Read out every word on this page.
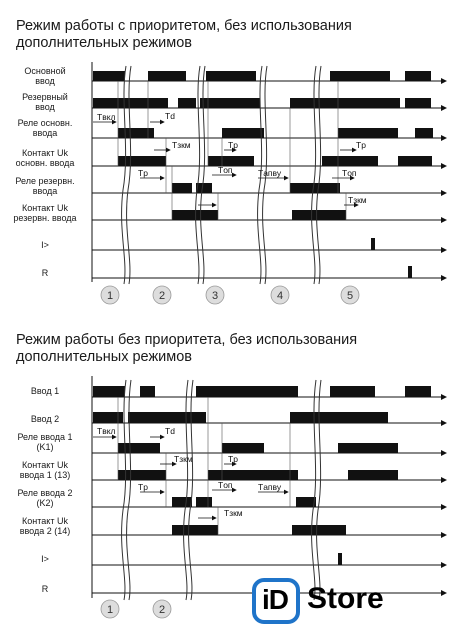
Режим работы с приоритетом, без использования дополнительных режимов
Режим работы без приоритета, без использования дополнительных режимов
Основной
ввод
Резервный
ввод
Реле основн.
ввода
Контакт Uk
основн. ввода
Реле резервн.
ввода
Контакт Uk
резервн. ввода
I>
R
Ввод 1
Ввод 2
Реле ввода 1
(K1)
Контакт Uk
ввода 1 (13)
Реле ввода 2
(K2)
Контакт Uk
ввода 2 (14)
I>
R
Tвкл	Td
Tзкм	Tр
Tр	Tоп	Tапву
Tр
Tоп
Tзкм
1	2	3	4	5
Tвкл	Td
Tзкм	Tр
Tр	Tоп	Tапву
Tзкм
1	2	iD Store
